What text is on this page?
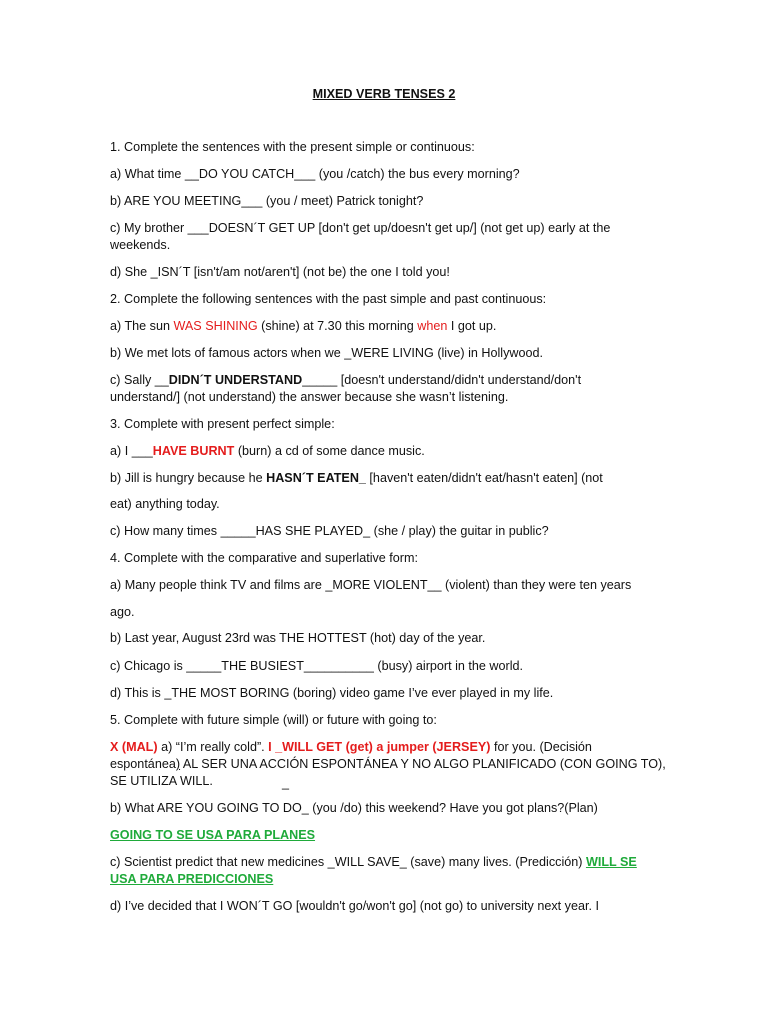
MIXED VERB TENSES 2
1. Complete the sentences with the present simple or continuous:
a) What time __DO YOU CATCH___ (you /catch) the bus every morning?
b) ARE YOU MEETING___ (you / meet) Patrick tonight?
c) My brother ___DOESN´T GET UP [don't get up/doesn't get up/] (not get up) early at the
weekends.
d) She _ISN´T [isn't/am not/aren't] (not be) the one I told you!
2. Complete the following sentences with the past simple and past continuous:
a) The sun WAS SHINING (shine) at 7.30 this morning when I got up.
b) We met lots of famous actors when we _WERE LIVING (live) in Hollywood.
c) Sally __DIDN´T UNDERSTAND_____ [doesn't understand/didn't understand/don't
understand/] (not understand) the answer because she wasn’t listening.
3. Complete with present perfect simple:
a) I ___HAVE BURNT (burn) a cd of some dance music.
b) Jill is hungry because he HASN´T EATEN_ [haven't eaten/didn't eat/hasn't eaten] (not
eat) anything today.
c) How many times _____HAS SHE PLAYED_ (she / play) the guitar in public?
4. Complete with the comparative and superlative form:
a) Many people think TV and films are _MORE VIOLENT__ (violent) than they were ten years
ago.
b) Last year, August 23rd was THE HOTTEST (hot) day of the year.
c) Chicago is _____THE BUSIEST__________ (busy) airport in the world.
d) This is _THE MOST BORING (boring) video game I’ve ever played in my life.
5. Complete with future simple (will) or future with going to:
X (MAL) a) “I’m really cold”. I _WILL GET (get) a jumper (JERSEY) for you. (Decisión
espontánea) AL SER UNA ACCIÓN ESPONTÁNEA Y NO ALGO PLANIFICADO (CON GOING TO),
SE UTILIZA WILL.	_
b) What ARE YOU GOING TO DO_ (you /do) this weekend? Have you got plans?(Plan)
GOING TO SE USA PARA PLANES
c) Scientist predict that new medicines _WILL SAVE_ (save) many lives. (Predicción) WILL SE
USA PARA PREDICCIONES
d) I’ve decided that I WON´T GO [wouldn't go/won't go] (not go) to university next year. I
